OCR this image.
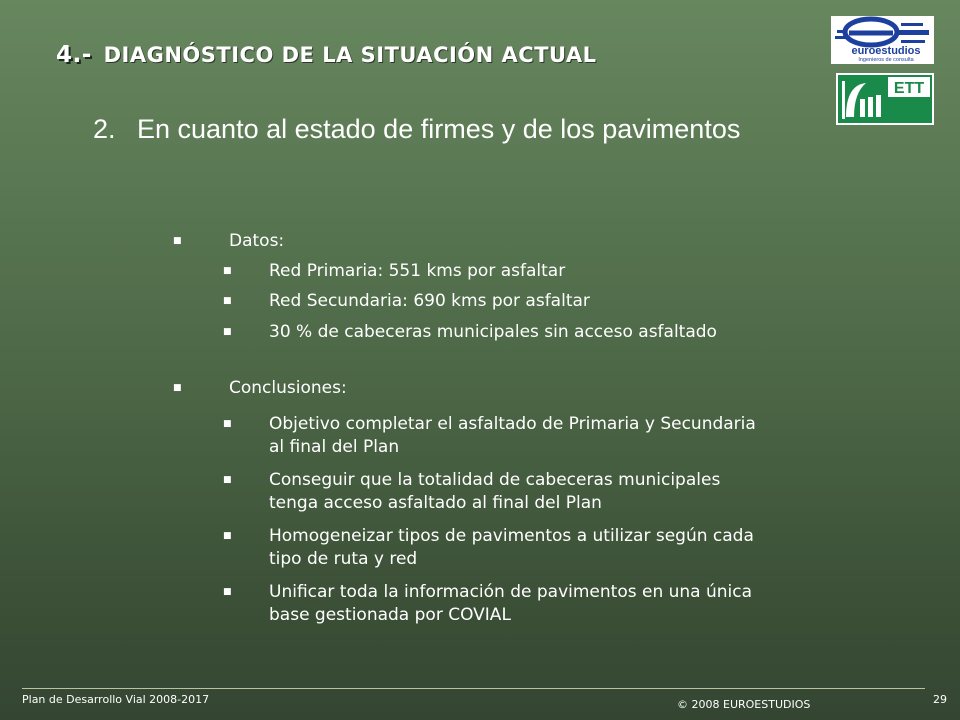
4.- DIAGNÓSTICO DE LA SITUACIÓN ACTUAL	euroestudios
Ingenieros de consulta
ETT
2. En cuanto al estado de firmes y de los pavimentos
■	Datos:
■ Red Primaria: 551 kms por asfaltar
■ Red Secundaria: 690 kms por asfaltar
■ 30 % de cabeceras municipales sin acceso asfaltado
■	Conclusiones:
■ Objetivo completar el asfaltado de Primaria y Secundaria
al final del Plan
■ Conseguir que la totalidad de cabeceras municipales
tenga acceso asfaltado al final del Plan
■ Homogeneizar tipos de pavimentos a utilizar según cada
tipo de ruta y red
■ Unificar toda la información de pavimentos en una única
base gestionada por COVIAL
Plan de Desarrollo Vial 2008-2017	© 2008 EUROESTUDIOS	29
